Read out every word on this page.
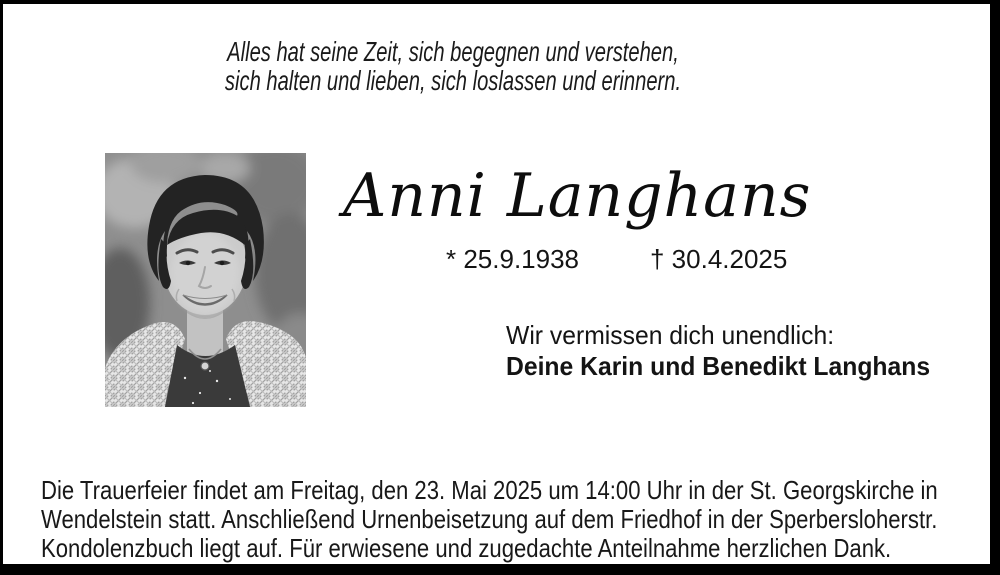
Alles hat seine Zeit, sich begegnen und verstehen,
sich halten und lieben, sich loslassen und erinnern.
Anni Langhans
* 25.9.1938	† 30.4.2025
Wir vermissen dich unendlich:
Deine Karin und Benedikt Langhans
Die Trauerfeier findet am Freitag, den 23. Mai 2025 um 14:00 Uhr in der St. Georgskirche in
Wendelstein statt. Anschließend Urnenbeisetzung auf dem Friedhof in der Sperbersloherstr.
Kondolenzbuch liegt auf. Für erwiesene und zugedachte Anteilnahme herzlichen Dank.
